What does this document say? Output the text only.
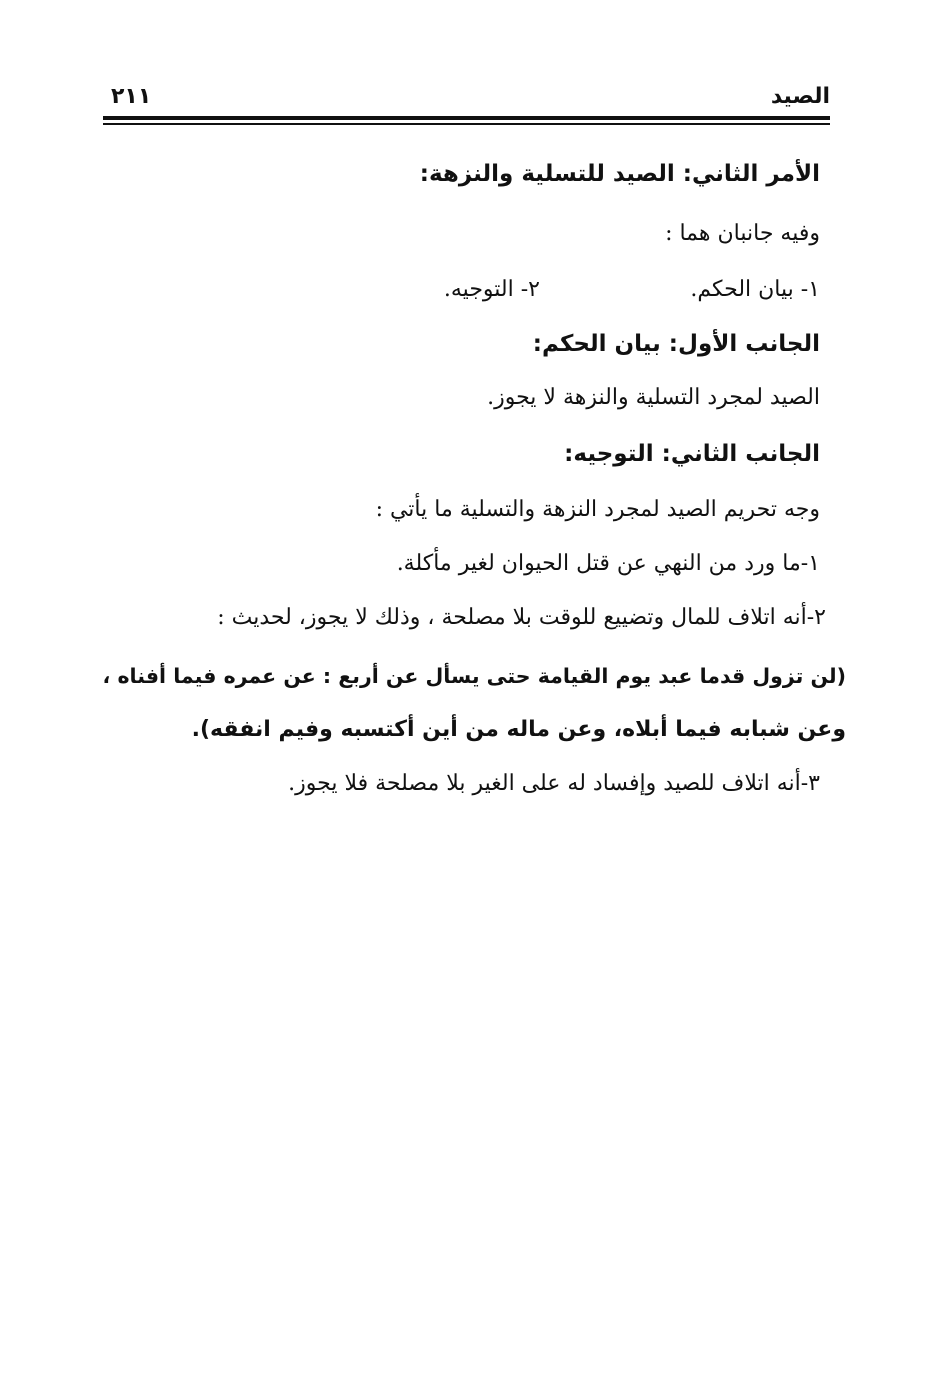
الصيد
٢١١
الأمر الثاني: الصيد للتسلية والنزهة:
وفيه جانبان هما :
١- بيان الحكم.
٢- التوجيه.
الجانب الأول: بيان الحكم:
الصيد لمجرد التسلية والنزهة لا يجوز.
الجانب الثاني: التوجيه:
وجه تحريم الصيد لمجرد النزهة والتسلية ما يأتي :
١-ما ورد من النهي عن قتل الحيوان لغير مأكلة.
٢-أنه اتلاف للمال وتضييع للوقت بلا مصلحة ، وذلك لا يجوز، لحديث :
(لن تزول قدما عبد يوم القيامة حتى يسأل عن أربع : عن عمره فيما أفناه ،
وعن شبابه فيما أبلاه، وعن ماله من أين أكتسبه وفيم انفقه).
٣-أنه اتلاف للصيد وإفساد له على الغير بلا مصلحة فلا يجوز.
